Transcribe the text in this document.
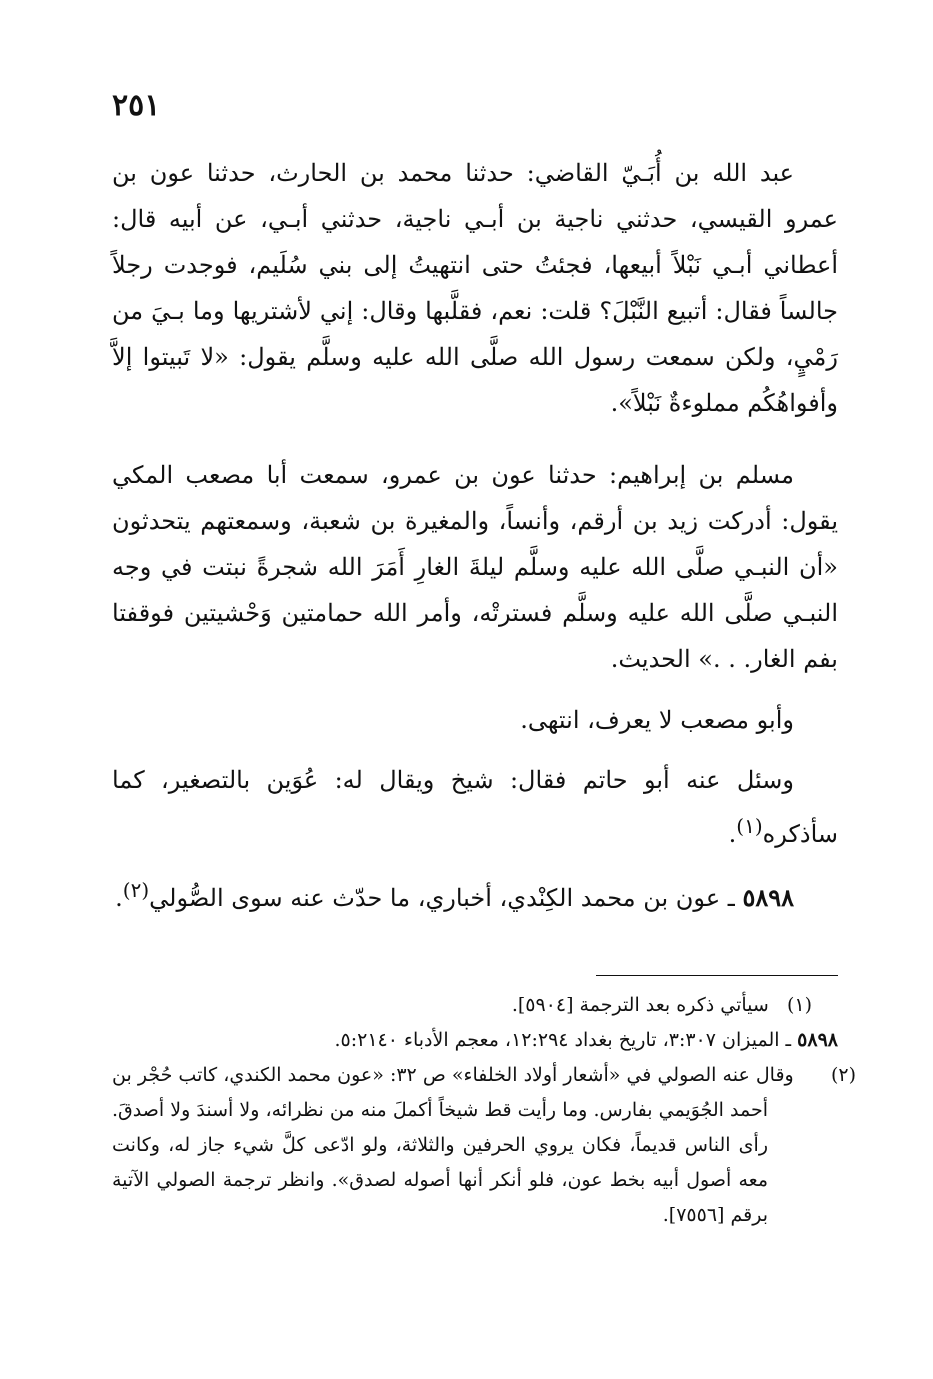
٢٥١

عبد الله بن أُبَـيّ القاضي: حدثنا محمد بن الحارث، حدثنا عون بن عمرو القيسي، حدثني ناجية بن أبـي ناجية، حدثني أبـي، عن أبيه قال: أعطاني أبـي نَبْلاً أبيعها، فجئتُ حتى انتهيتُ إلى بني سُلَيم، فوجدت رجلاً جالساً فقال: أتبيع النَّبْلَ؟ قلت: نعم، فقلَّبها وقال: إني لأشتريها وما بـيَ من رَمْيٍ، ولكن سمعت رسول الله صلَّى الله عليه وسلَّم يقول: «لا تَبيتوا إلاَّ وأفواهُكُم مملوءةٌ نَبْلاً».

مسلم بن إبراهيم: حدثنا عون بن عمرو، سمعت أبا مصعب المكي يقول: أدركت زيد بن أرقم، وأنساً، والمغيرة بن شعبة، وسمعتهم يتحدثون «أن النبـي صلَّى الله عليه وسلَّم ليلةَ الغارِ أَمَرَ الله شجرةً نبتت في وجه النبـي صلَّى الله عليه وسلَّم فسترتْه، وأمر الله حمامتين وَحْشيتين فوقفتا بفم الغار. . .» الحديث.

وأبو مصعب لا يعرف، انتهى.

وسئل عنه أبو حاتم فقال: شيخ ويقال له: عُوَين بالتصغير، كما سأذكره$^{(١)}$.

٥٨٩٨ ـ عون بن محمد الكِنْدي، أخباري، ما حدّث عنه سوى الصُّولي$^{(٢)}$.

(١)   سيأتي ذكره بعد الترجمة [٥٩٠٤].

٥٨٩٨ ـ الميزان ٣:٣٠٧، تاريخ بغداد ١٢:٢٩٤، معجم الأدباء ٥:٢١٤٠.

(٢)   وقال عنه الصولي في «أشعار أولاد الخلفاء» ص ٣٢: «عون محمد الكندي، كاتب حُجْر بن أحمد الجُوَيمي بفارس. وما رأيت قط شيخاً أكملَ منه من نظرائه، ولا أسندَ ولا أصدقَ. رأى الناس قديماً، فكان يروي الحرفين والثلاثة، ولو ادّعى كلَّ شيء جاز له، وكانت معه أصول أبيه بخط عون، فلو أنكر أنها أصوله لصدق». وانظر ترجمة الصولي الآتية برقم [٧٥٥٦].
